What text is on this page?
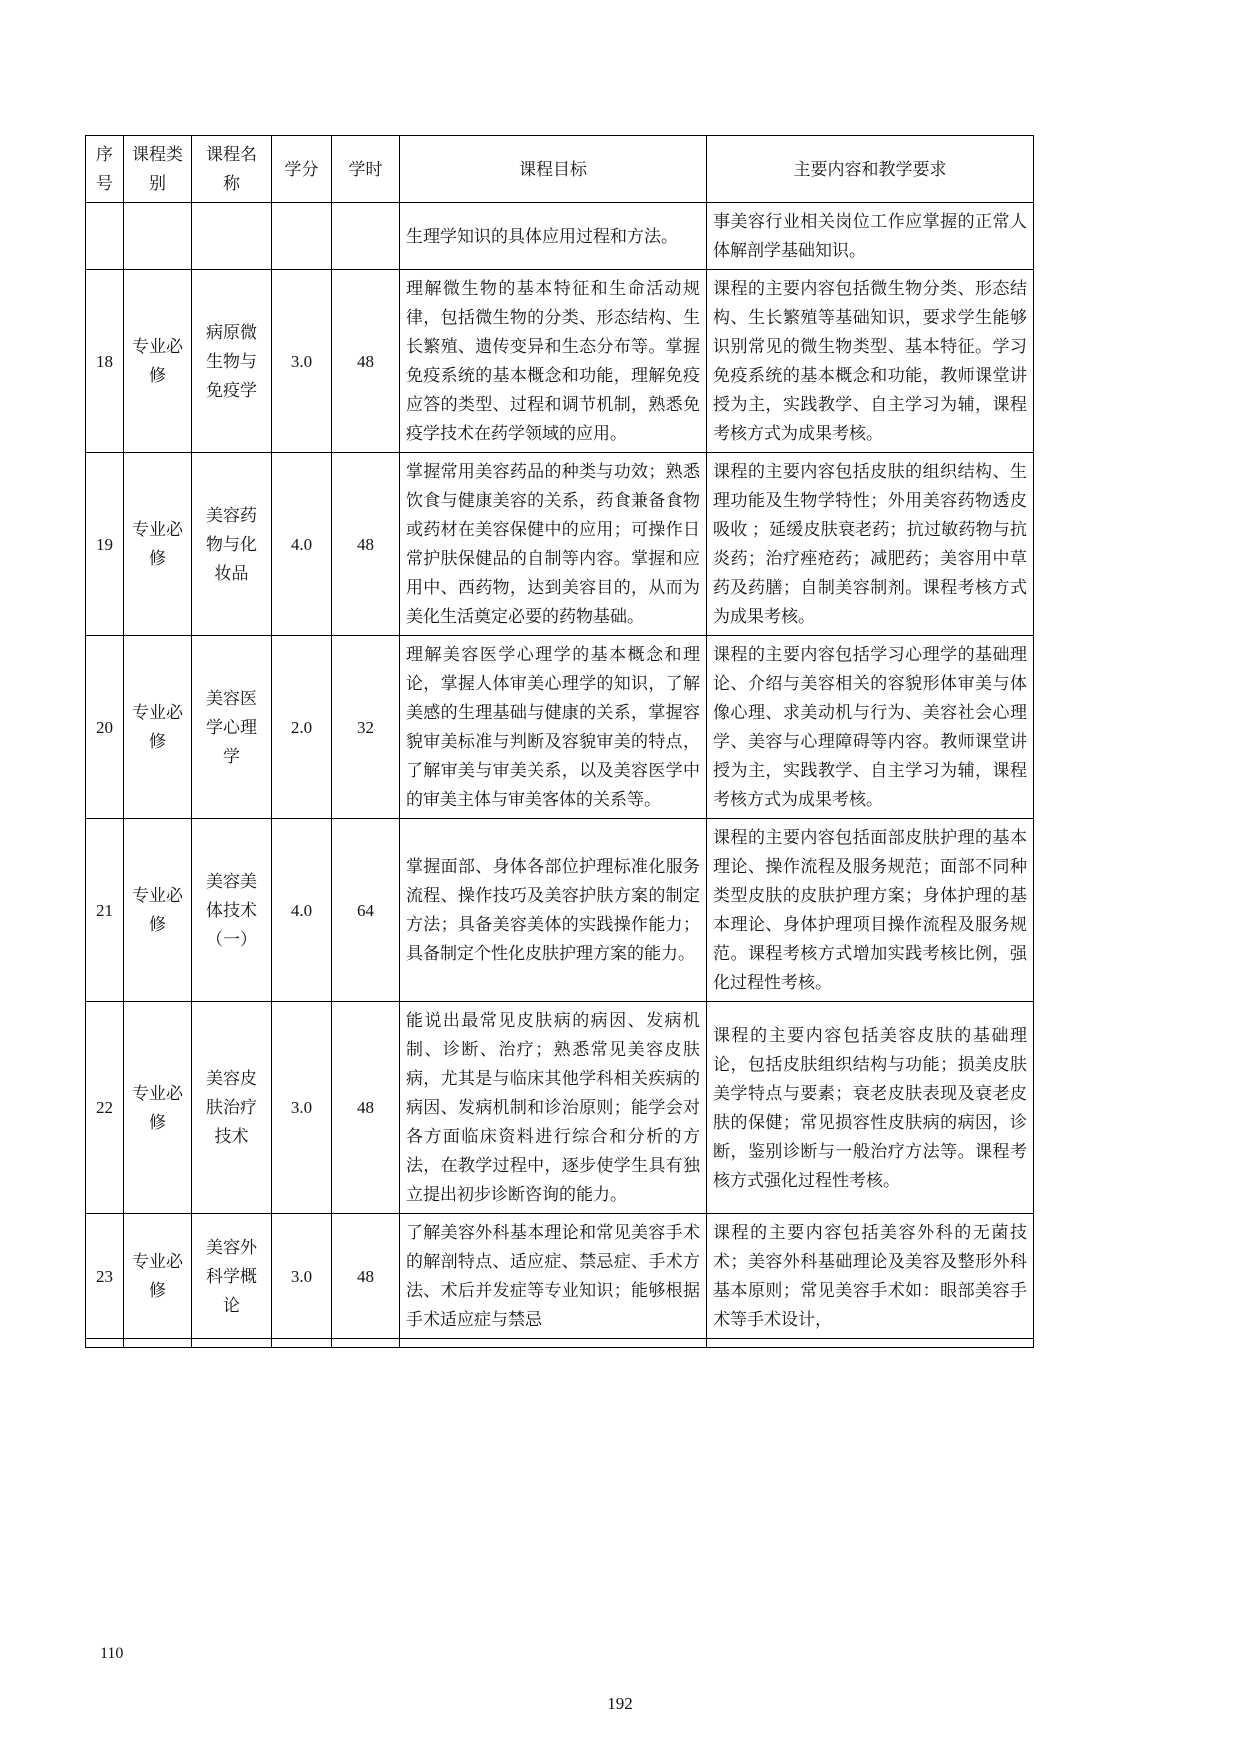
序号	课程类别	课程名称	学分	学时	课程目标	主要内容和教学要求
					生理学知识的具体应用过程和方法。	事美容行业相关岗位工作应掌握的正常人体解剖学基础知识。
18	专业必修	病原微生物与免疫学	3.0	48	理解微生物的基本特征和生命活动规律，包括微生物的分类、形态结构、生长繁殖、遗传变异和生态分布等。掌握免疫系统的基本概念和功能，理解免疫应答的类型、过程和调节机制，熟悉免疫学技术在药学领域的应用。	课程的主要内容包括微生物分类、形态结构、生长繁殖等基础知识，要求学生能够识别常见的微生物类型、基本特征。学习免疫系统的基本概念和功能，教师课堂讲授为主，实践教学、自主学习为辅，课程考核方式为成果考核。
19	专业必修	美容药物与化妆品	4.0	48	掌握常用美容药品的种类与功效；熟悉饮食与健康美容的关系，药食兼备食物或药材在美容保健中的应用；可操作日常护肤保健品的自制等内容。掌握和应用中、西药物，达到美容目的，从而为美化生活奠定必要的药物基础。	课程的主要内容包括皮肤的组织结构、生理功能及生物学特性；外用美容药物透皮吸收 ；延缓皮肤衰老药；抗过敏药物与抗炎药；治疗痤疮药；减肥药；美容用中草药及药膳；自制美容制剂。课程考核方式为成果考核。
20	专业必修	美容医学心理学	2.0	32	理解美容医学心理学的基本概念和理论，掌握人体审美心理学的知识，了解美感的生理基础与健康的关系，掌握容貌审美标准与判断及容貌审美的特点，了解审美与审美关系，以及美容医学中的审美主体与审美客体的关系等。	课程的主要内容包括学习心理学的基础理论、介绍与美容相关的容貌形体审美与体像心理、求美动机与行为、美容社会心理学、美容与心理障碍等内容。教师课堂讲授为主，实践教学、自主学习为辅，课程考核方式为成果考核。
21	专业必修	美容美体技术（一）	4.0	64	掌握面部、身体各部位护理标准化服务流程、操作技巧及美容护肤方案的制定方法；具备美容美体的实践操作能力；具备制定个性化皮肤护理方案的能力。	课程的主要内容包括面部皮肤护理的基本理论、操作流程及服务规范；面部不同种类型皮肤的皮肤护理方案；身体护理的基本理论、身体护理项目操作流程及服务规范。课程考核方式增加实践考核比例，强化过程性考核。
22	专业必修	美容皮肤治疗技术	3.0	48	能说出最常见皮肤病的病因、发病机制、诊断、治疗；熟悉常见美容皮肤病，尤其是与临床其他学科相关疾病的病因、发病机制和诊治原则；能学会对各方面临床资料进行综合和分析的方法，在教学过程中，逐步使学生具有独立提出初步诊断咨询的能力。	课程的主要内容包括美容皮肤的基础理论，包括皮肤组织结构与功能；损美皮肤美学特点与要素；衰老皮肤表现及衰老皮肤的保健；常见损容性皮肤病的病因，诊断，鉴别诊断与一般治疗方法等。课程考核方式强化过程性考核。
23	专业必修	美容外科学概论	3.0	48	了解美容外科基本理论和常见美容手术的解剖特点、适应症、禁忌症、手术方法、术后并发症等专业知识；能够根据手术适应症与禁忌	课程的主要内容包括美容外科的无菌技术；美容外科基础理论及美容及整形外科基本原则；常见美容手术如：眼部美容手术等手术设计，

110
192
